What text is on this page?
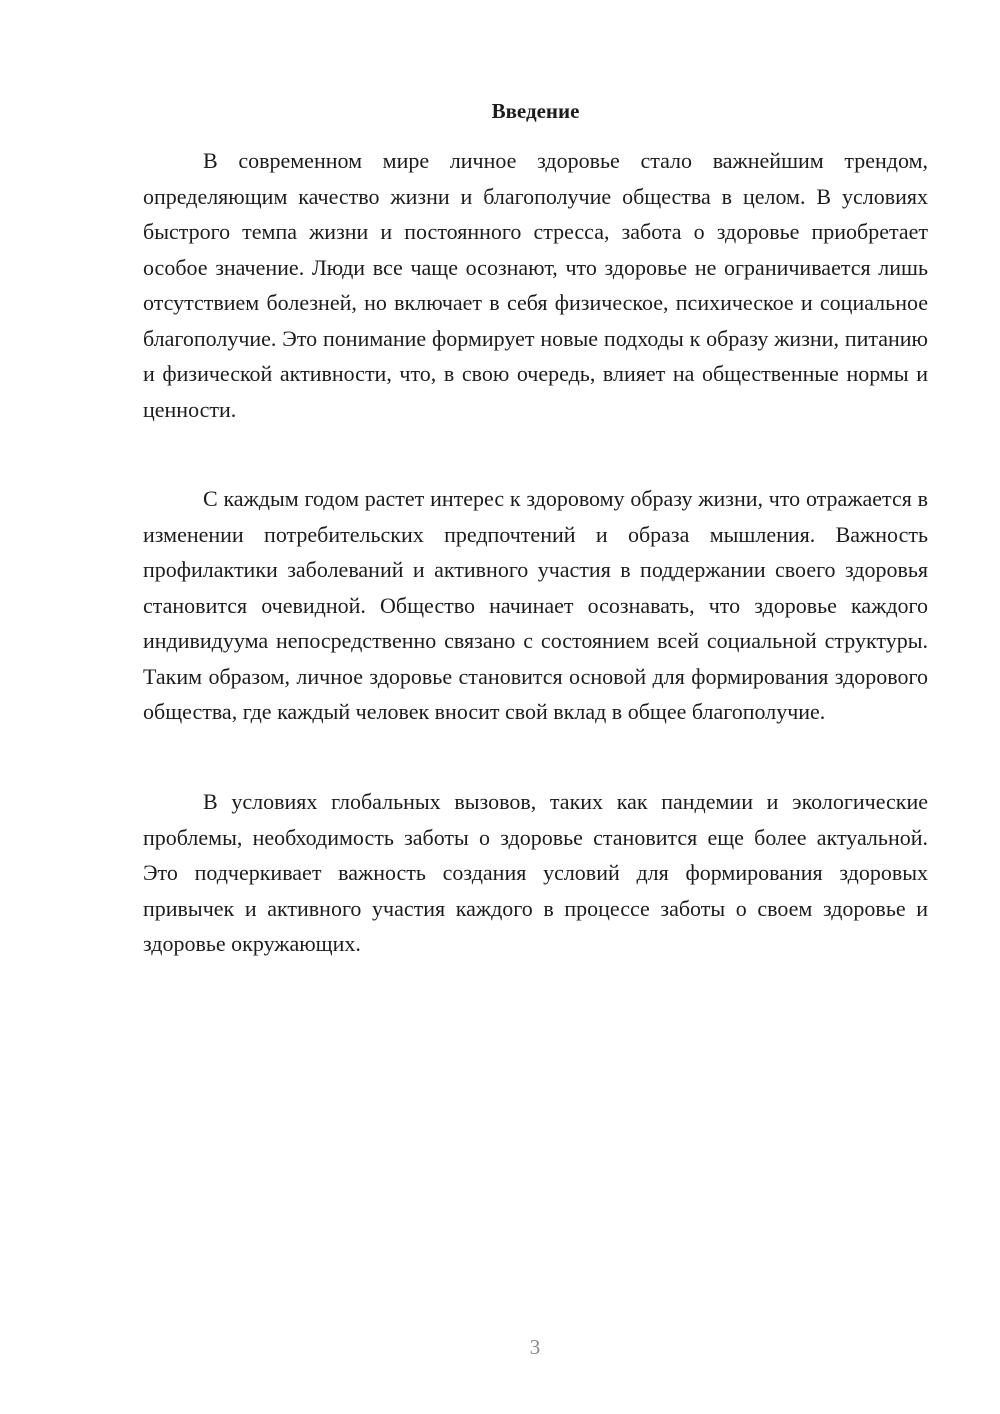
Введение

В современном мире личное здоровье стало важнейшим трендом, определяющим качество жизни и благополучие общества в целом. В условиях быстрого темпа жизни и постоянного стресса, забота о здоровье приобретает особое значение. Люди все чаще осознают, что здоровье не ограничивается лишь отсутствием болезней, но включает в себя физическое, психическое и социальное благополучие. Это понимание формирует новые подходы к образу жизни, питанию и физической активности, что, в свою очередь, влияет на общественные нормы и ценности.

С каждым годом растет интерес к здоровому образу жизни, что отражается в изменении потребительских предпочтений и образа мышления. Важность профилактики заболеваний и активного участия в поддержании своего здоровья становится очевидной. Общество начинает осознавать, что здоровье каждого индивидуума непосредственно связано с состоянием всей социальной структуры. Таким образом, личное здоровье становится основой для формирования здорового общества, где каждый человек вносит свой вклад в общее благополучие.

В условиях глобальных вызовов, таких как пандемии и экологические проблемы, необходимость заботы о здоровье становится еще более актуальной. Это подчеркивает важность создания условий для формирования здоровых привычек и активного участия каждого в процессе заботы о своем здоровье и здоровье окружающих.

3
